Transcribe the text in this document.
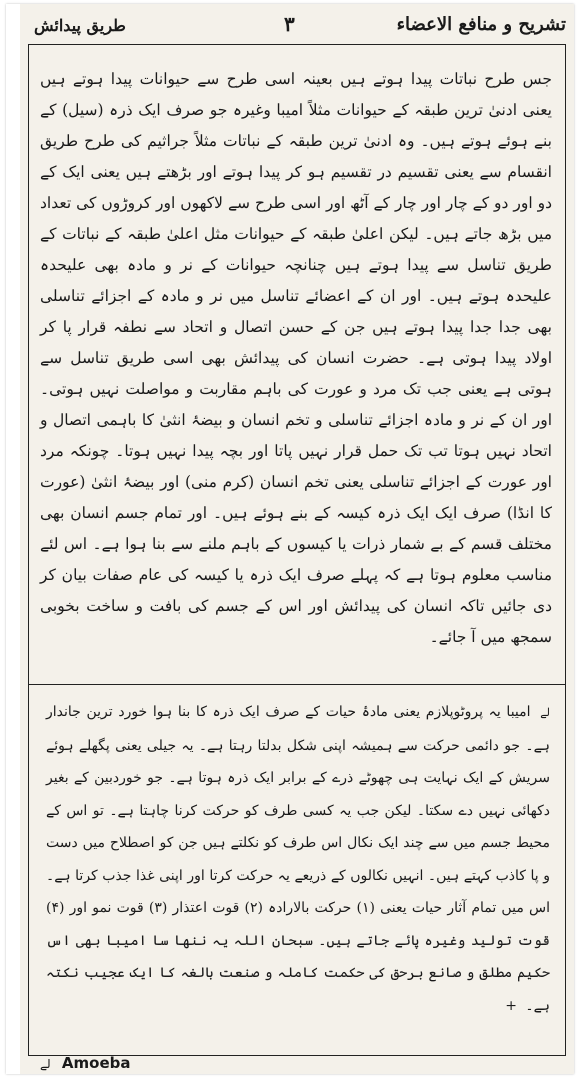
تشریح و منافع الاعضاء
۳
طریق پیدائش

جس طرح نباتات پیدا ہوتے ہیں بعینہ اسی طرح سے حیوانات پیدا ہوتے ہیں یعنی ادنیٰ ترین طبقہ کے حیوانات مثلاً امیبا وغیرہ جو صرف ایک ذرہ (سیل) کے بنے ہوئے ہوتے ہیں۔ وہ ادنیٰ ترین طبقہ کے نباتات مثلاً جراثیم کی طرح طریق انقسام سے یعنی تقسیم در تقسیم ہو کر پیدا ہوتے اور بڑھتے ہیں یعنی ایک کے دو اور دو کے چار اور چار کے آٹھ اور اسی طرح سے لاکھوں اور کروڑوں کی تعداد میں بڑھ جاتے ہیں۔ لیکن اعلیٰ طبقہ کے حیوانات مثل اعلیٰ طبقہ کے نباتات کے طریق تناسل سے پیدا ہوتے ہیں چنانچہ حیوانات کے نر و مادہ بھی علیحدہ علیحدہ ہوتے ہیں۔ اور ان کے اعضائے تناسل میں نر و مادہ کے اجزائے تناسلی بھی جدا جدا پیدا ہوتے ہیں جن کے حسن اتصال و اتحاد سے نطفہ قرار پا کر اولاد پیدا ہوتی ہے۔ حضرت انسان کی پیدائش بھی اسی طریق تناسل سے ہوتی ہے یعنی جب تک مرد و عورت کی باہم مقاربت و مواصلت نہیں ہوتی۔ اور ان کے نر و مادہ اجزائے تناسلی و تخم انسان و بیضۂ انثیٰ کا باہمی اتصال و اتحاد نہیں ہوتا تب تک حمل قرار نہیں پاتا اور بچہ پیدا نہیں ہوتا۔ چونکہ مرد اور عورت کے اجزائے تناسلی یعنی تخم انسان (کرم منی) اور بیضۂ انثیٰ (عورت کا انڈا) صرف ایک ایک ذرہ کیسہ کے بنے ہوئے ہیں۔ اور تمام جسم انسان بھی مختلف قسم کے بے شمار ذرات یا کیسوں کے باہم ملنے سے بنا ہوا ہے۔ اس لئے مناسب معلوم ہوتا ہے کہ پہلے صرف ایک ذرہ یا کیسہ کی عام صفات بیان کر دی جائیں تاکہ انسان کی پیدائش اور اس کے جسم کی بافت و ساخت بخوبی سمجھ میں آ جائے۔

لے امیبا یہ پروٹوپلازم یعنی مادۂ حیات کے صرف ایک ذرہ کا بنا ہوا خورد ترین جاندار ہے۔ جو دائمی حرکت سے ہمیشہ اپنی شکل بدلتا رہتا ہے۔ یہ جیلی یعنی پگھلے ہوئے سریش کے ایک نہایت ہی چھوٹے ذرے کے برابر ایک ذرہ ہوتا ہے۔ جو خوردبین کے بغیر دکھائی نہیں دے سکتا۔ لیکن جب یہ کسی طرف کو حرکت کرنا چاہتا ہے۔ تو اس کے محیط جسم میں سے چند ایک نکال اس طرف کو نکلتے ہیں جن کو اصطلاح میں دست و پا کاذب کہتے ہیں۔ انہیں نکالوں کے ذریعے یہ حرکت کرتا اور اپنی غذا جذب کرتا ہے۔ اس میں تمام آثار حیات یعنی (۱) حرکت بالارادہ (۲) قوت اعتذار (۳) قوت نمو اور (۴) قوت تولید وغیرہ پائے جاتے ہیں۔ سبحان اللہ یہ ننھا سا امیبا بھی اس حکیم مطلق و صانع برحق کی حکمت کاملہ و صنعت بالغہ کا ایک عجیب نکتہ ہے۔ +

لے Amoeba
